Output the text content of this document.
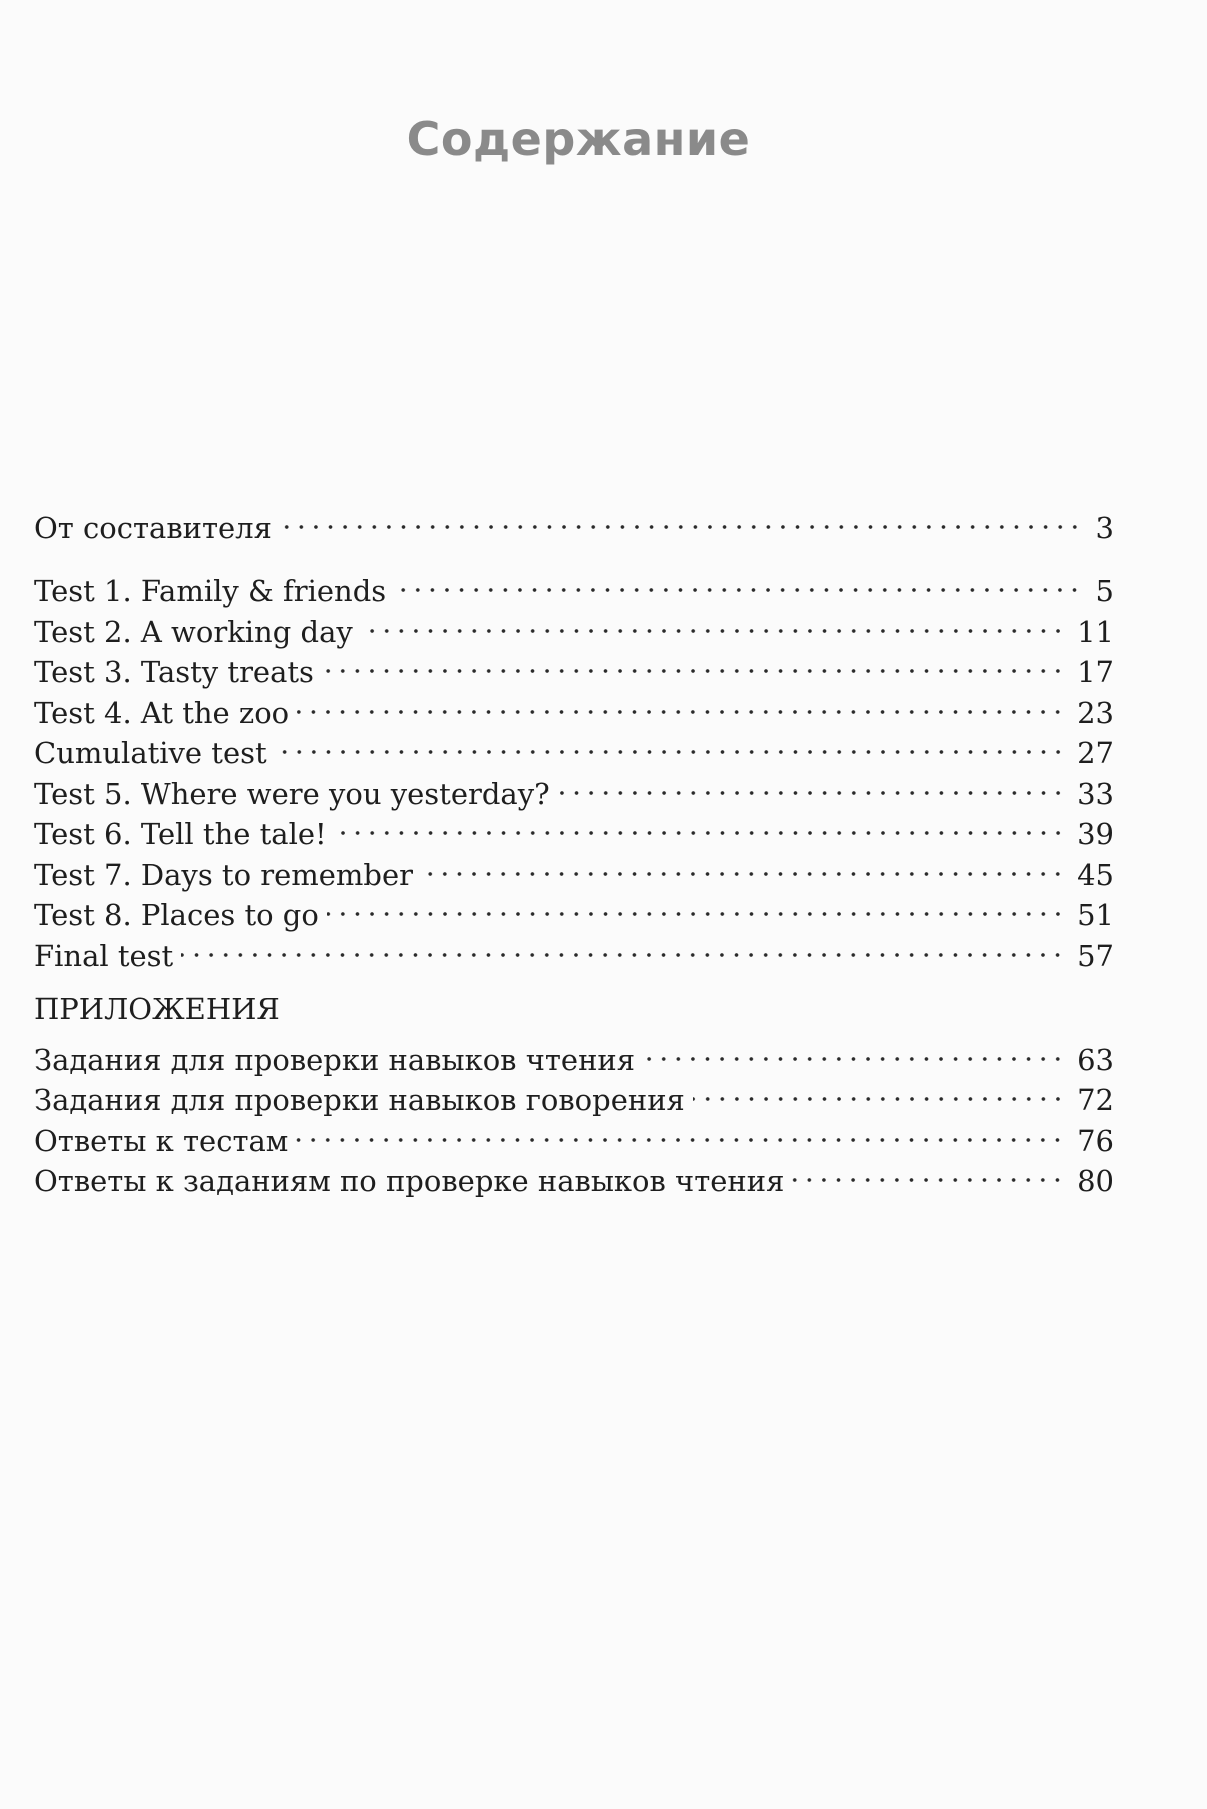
Содержание
От составителя	3
Test 1. Family & friends	5
Test 2. A working day	11
Test 3. Tasty treats	17
Test 4. At the zoo	23
Cumulative test	27
Test 5. Where were you yesterday?	33
Test 6. Tell the tale!	39
Test 7. Days to remember	45
Test 8. Places to go	51
Final test	57

ПРИЛОЖЕНИЯ

Задания для проверки навыков чтения	63
Задания для проверки навыков говорения	72
Ответы к тестам	76
Ответы к заданиям по проверке навыков чтения	80
